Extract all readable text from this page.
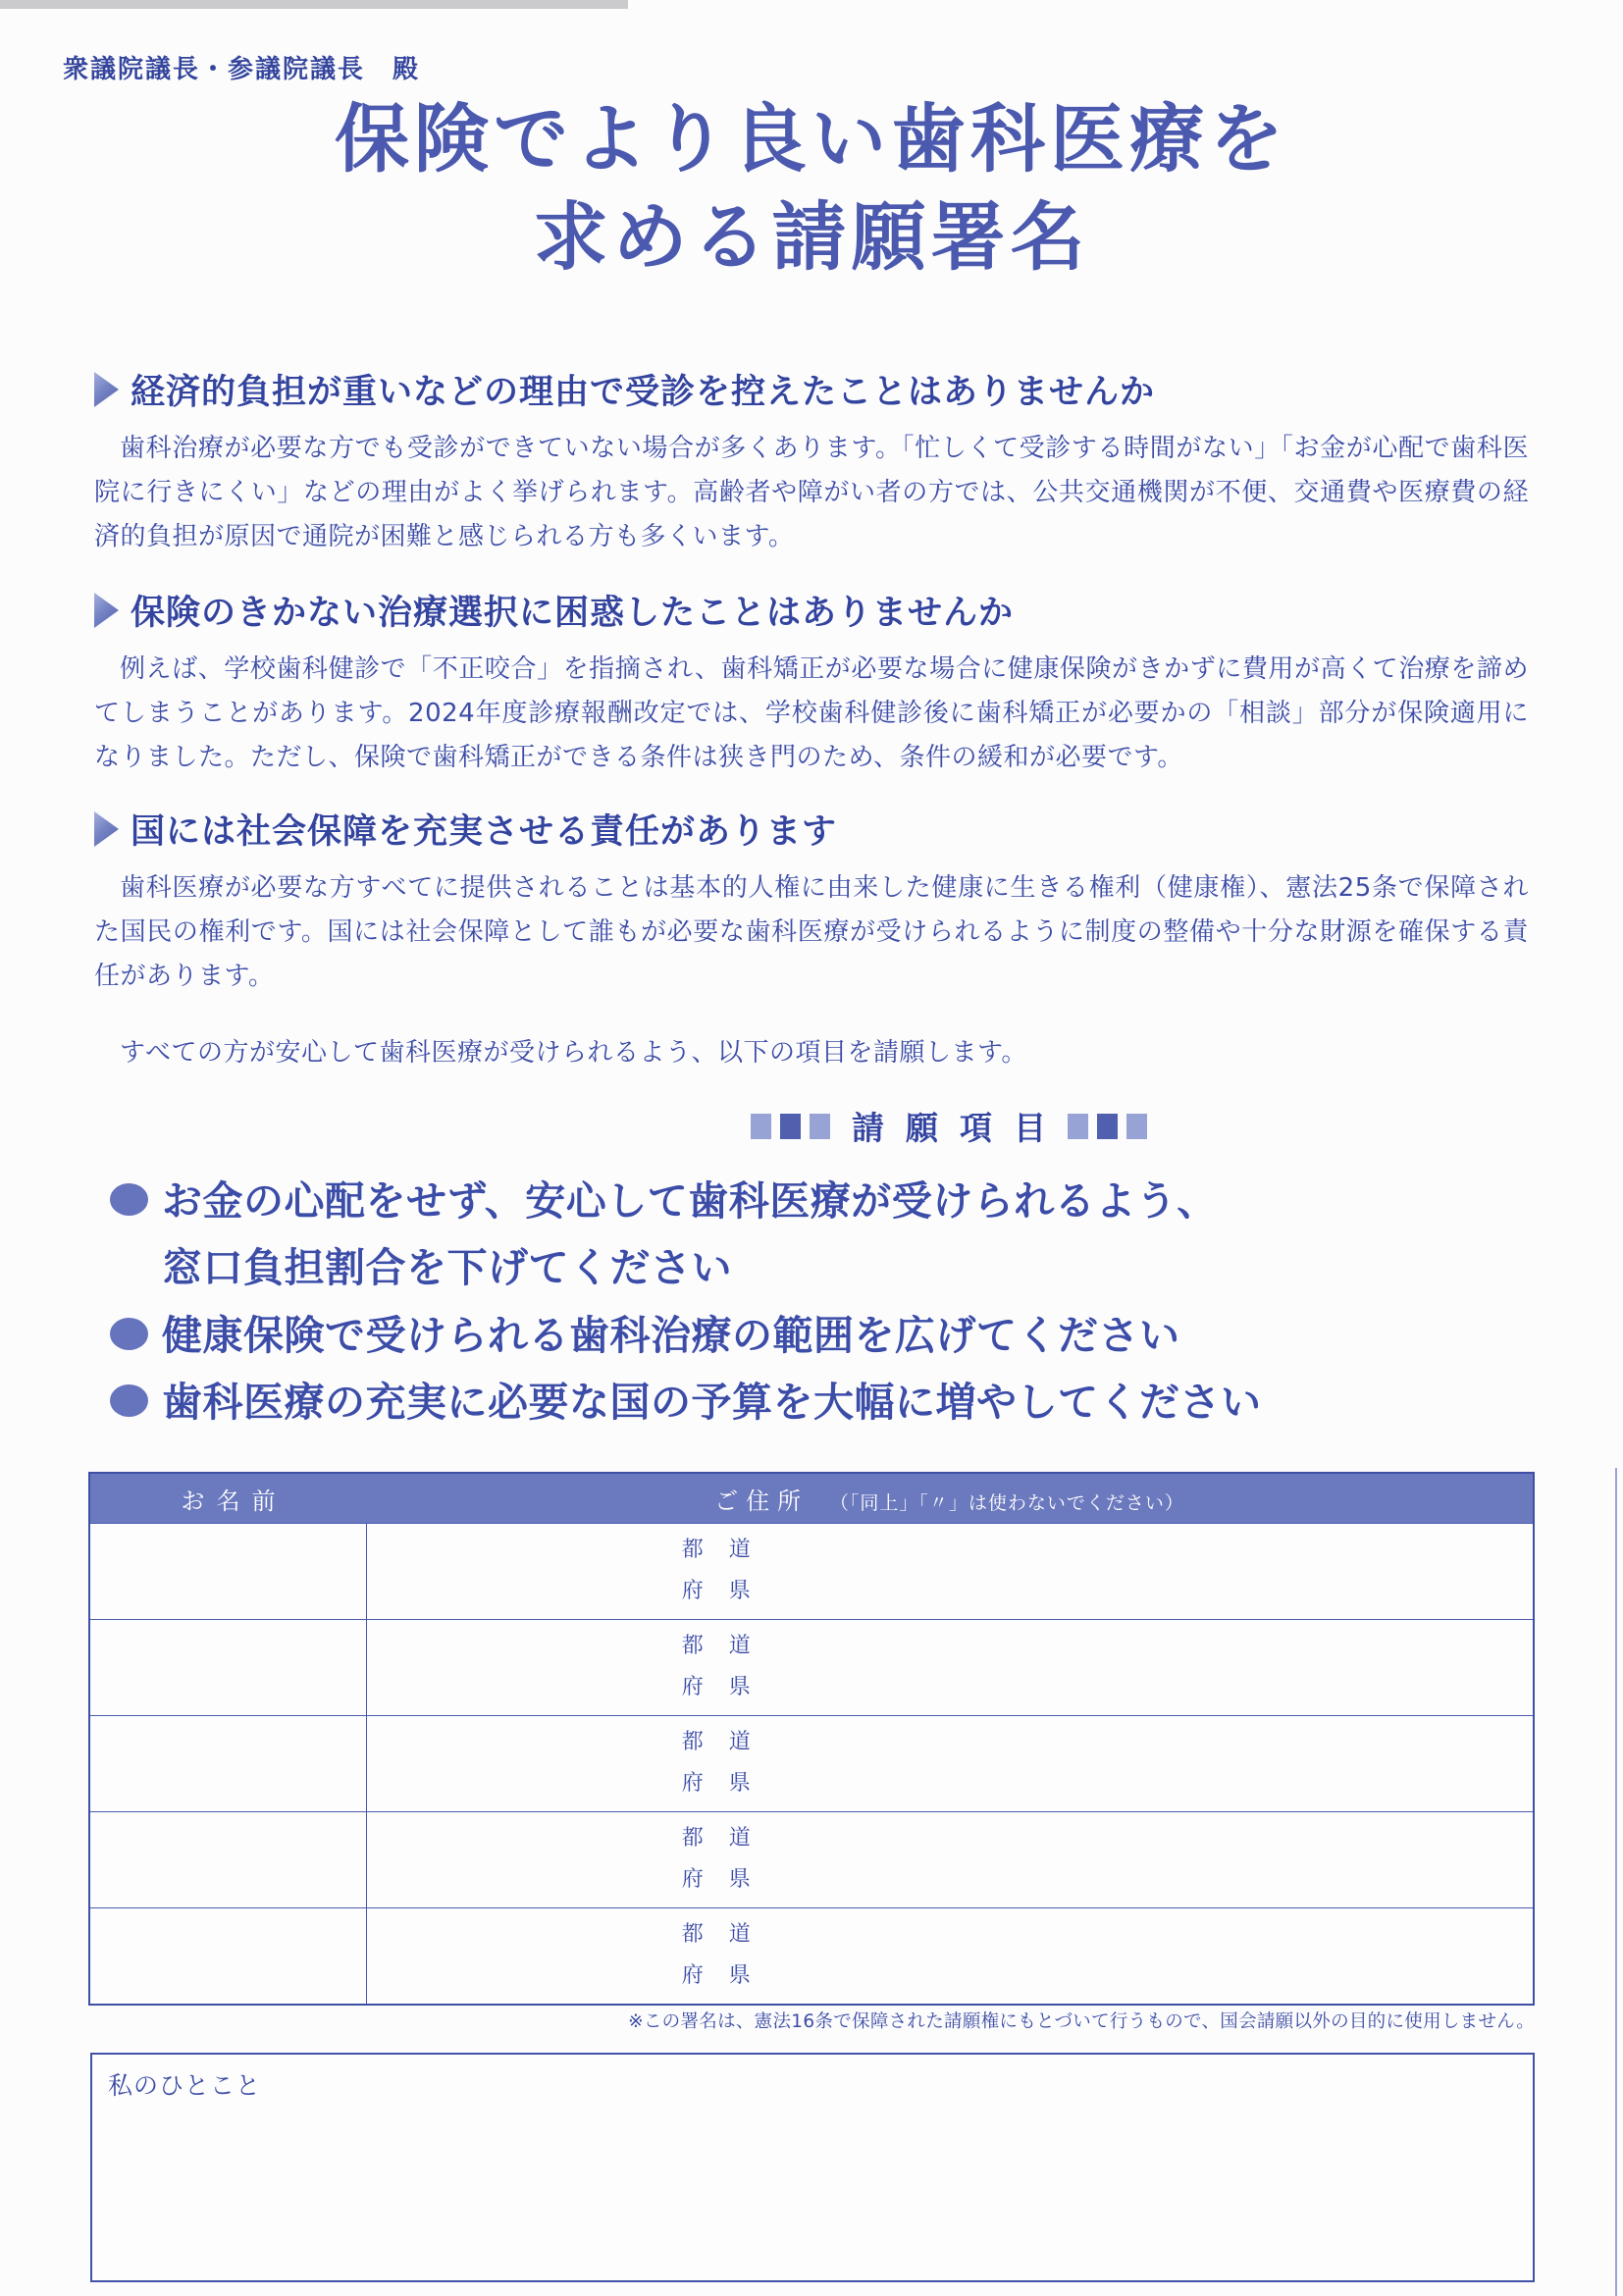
衆議院議長・参議院議長　殿
保険でより良い歯科医療を
求める請願署名
経済的負担が重いなどの理由で受診を控えたことはありませんか
歯科治療が必要な方でも受診ができていない場合が多くあります。「忙しくて受診する時間がない」「お金が心配で歯科医院に行きにくい」などの理由がよく挙げられます。高齢者や障がい者の方では、公共交通機関が不便、交通費や医療費の経済的負担が原因で通院が困難と感じられる方も多くいます。
保険のきかない治療選択に困惑したことはありませんか
例えば、学校歯科健診で「不正咬合」を指摘され、歯科矯正が必要な場合に健康保険がきかずに費用が高くて治療を諦めてしまうことがあります。2024年度診療報酬改定では、学校歯科健診後に歯科矯正が必要かの「相談」部分が保険適用になりました。ただし、保険で歯科矯正ができる条件は狭き門のため、条件の緩和が必要です。
国には社会保障を充実させる責任があります
歯科医療が必要な方すべてに提供されることは基本的人権に由来した健康に生きる権利（健康権）、憲法25条で保障された国民の権利です。国には社会保障として誰もが必要な歯科医療が受けられるように制度の整備や十分な財源を確保する責任があります。
すべての方が安心して歯科医療が受けられるよう、以下の項目を請願します。
請願項目
お金の心配をせず、安心して歯科医療が受けられるよう、
窓口負担割合を下げてください
健康保険で受けられる歯科治療の範囲を広げてください
歯科医療の充実に必要な国の予算を大幅に増やしてください
お名前	ご住所 （「同上」「〃」は使わないでください）
都　道
府　県
都　道
府　県
都　道
府　県
都　道
府　県
都　道
府　県
※この署名は、憲法16条で保障された請願権にもとづいて行うもので、国会請願以外の目的に使用しません。
私のひとこと
